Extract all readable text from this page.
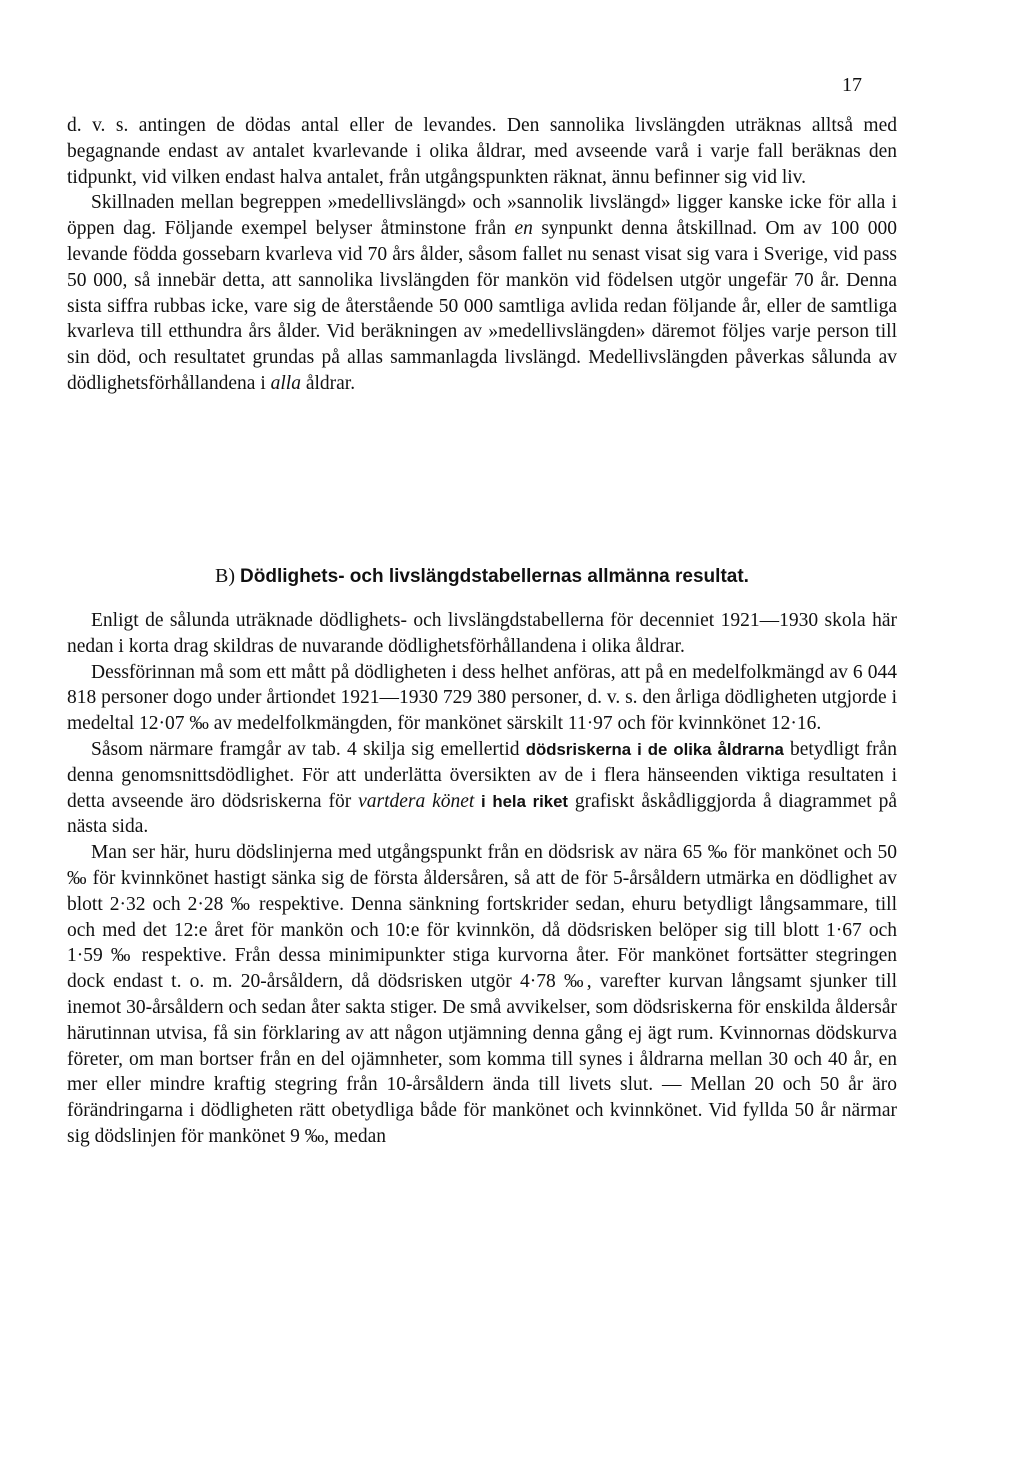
17

d. v. s. antingen de dödas antal eller de levandes. Den sannolika livslängden uträknas alltså med begagnande endast av antalet kvarlevande i olika åldrar, med avseende varå i varje fall beräknas den tidpunkt, vid vilken endast halva antalet, från utgångspunkten räknat, ännu befinner sig vid liv.

Skillnaden mellan begreppen »medellivslängd» och »sannolik livslängd» ligger kanske icke för alla i öppen dag. Följande exempel belyser åtminstone från en synpunkt denna åtskillnad. Om av 100 000 levande födda gossebarn kvarleva vid 70 års ålder, såsom fallet nu senast visat sig vara i Sverige, vid pass 50 000, så innebär detta, att sannolika livslängden för mankön vid födelsen utgör ungefär 70 år. Denna sista siffra rubbas icke, vare sig de återstående 50 000 samtliga avlida redan följande år, eller de samtliga kvarleva till etthundra års ålder. Vid beräkningen av »medellivslängden» däremot följes varje person till sin död, och resultatet grundas på allas sammanlagda livslängd. Medellivslängden påverkas sålunda av dödlighetsförhållandena i alla åldrar.

B) Dödlighets- och livslängdstabellernas allmänna resultat.

Enligt de sålunda uträknade dödlighets- och livslängdstabellerna för decenniet 1921—1930 skola här nedan i korta drag skildras de nuvarande dödlighetsförhållandena i olika åldrar.

Dessförinnan må som ett mått på dödligheten i dess helhet anföras, att på en medelfolkmängd av 6 044 818 personer dogo under årtiondet 1921—1930 729 380 personer, d. v. s. den årliga dödligheten utgjorde i medeltal 12·07 ‰ av medelfolkmängden, för mankönet särskilt 11·97 och för kvinnkönet 12·16.

Såsom närmare framgår av tab. 4 skilja sig emellertid dödsriskerna i de olika åldrarna betydligt från denna genomsnittsdödlighet. För att underlätta översikten av de i flera hänseenden viktiga resultaten i detta avseende äro dödsriskerna för vartdera könet i hela riket grafiskt åskådliggjorda å diagrammet på nästa sida.

Man ser här, huru dödslinjerna med utgångspunkt från en dödsrisk av nära 65 ‰ för mankönet och 50 ‰ för kvinnkönet hastigt sänka sig de första åldersåren, så att de för 5-årsåldern utmärka en dödlighet av blott 2·32 och 2·28 ‰ respektive. Denna sänkning fortskrider sedan, ehuru betydligt långsammare, till och med det 12:e året för mankön och 10:e för kvinnkön, då dödsrisken belöper sig till blott 1·67 och 1·59 ‰ respektive. Från dessa minimipunkter stiga kurvorna åter. För mankönet fortsätter stegringen dock endast t. o. m. 20-årsåldern, då dödsrisken utgör 4·78 ‰, varefter kurvan långsamt sjunker till inemot 30-årsåldern och sedan åter sakta stiger. De små avvikelser, som dödsriskerna för enskilda åldersår härutinnan utvisa, få sin förklaring av att någon utjämning denna gång ej ägt rum. Kvinnornas dödskurva företer, om man bortser från en del ojämnheter, som komma till synes i åldrarna mellan 30 och 40 år, en mer eller mindre kraftig stegring från 10-årsåldern ända till livets slut. — Mellan 20 och 50 år äro förändringarna i dödligheten rätt obetydliga både för mankönet och kvinnkönet. Vid fyllda 50 år närmar sig dödslinjen för mankönet 9 ‰, medan
